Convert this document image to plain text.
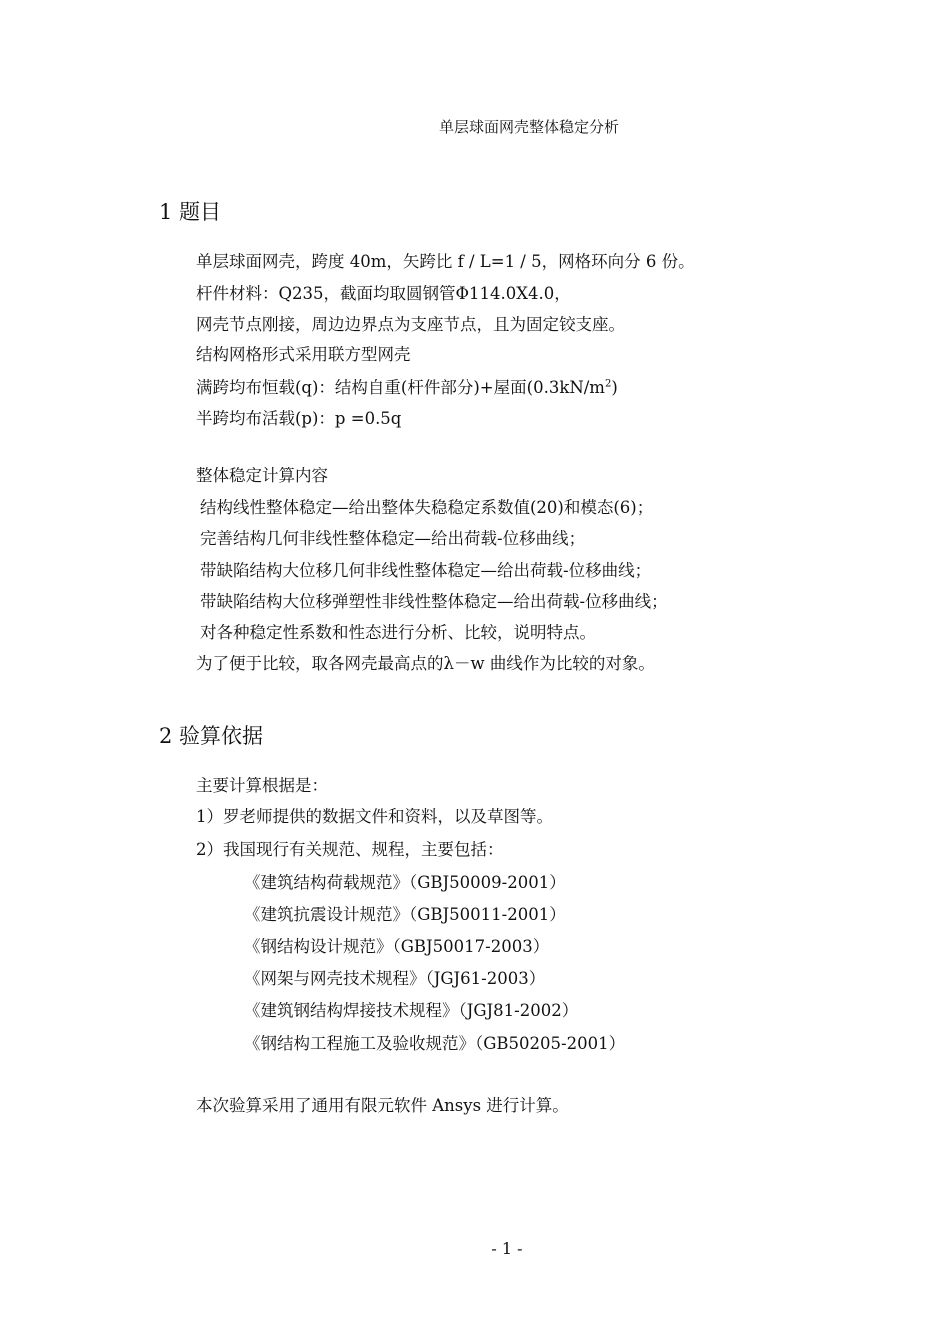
单层球面网壳整体稳定分析
1 题目
单层球面网壳，跨度 40m，矢跨比 f / L=1 / 5，网格环向分 6 份。
杆件材料：Q235，截面均取圆钢管Φ114.0X4.0，
网壳节点刚接，周边边界点为支座节点，且为固定铰支座。
结构网格形式采用联方型网壳
满跨均布恒载(q)：结构自重(杆件部分)+屋面$(0.3kN/m^2)$
半跨均布活载(p)：p =0.5q
整体稳定计算内容
结构线性整体稳定—给出整体失稳稳定系数值(20)和模态(6)；
完善结构几何非线性整体稳定—给出荷载-位移曲线；
带缺陷结构大位移几何非线性整体稳定—给出荷载-位移曲线；
带缺陷结构大位移弹塑性非线性整体稳定—给出荷载-位移曲线；
对各种稳定性系数和性态进行分析、比较，说明特点。
为了便于比较，取各网壳最高点的λ－w 曲线作为比较的对象。
2 验算依据
主要计算根据是：
1）罗老师提供的数据文件和资料，以及草图等。
2）我国现行有关规范、规程，主要包括：
《建筑结构荷载规范》（GBJ50009-2001）
《建筑抗震设计规范》（GBJ50011-2001）
《钢结构设计规范》（GBJ50017-2003）
《网架与网壳技术规程》（JGJ61-2003）
《建筑钢结构焊接技术规程》（JGJ81-2002）
《钢结构工程施工及验收规范》（GB50205-2001）
本次验算采用了通用有限元软件 Ansys 进行计算。
- 1 -
